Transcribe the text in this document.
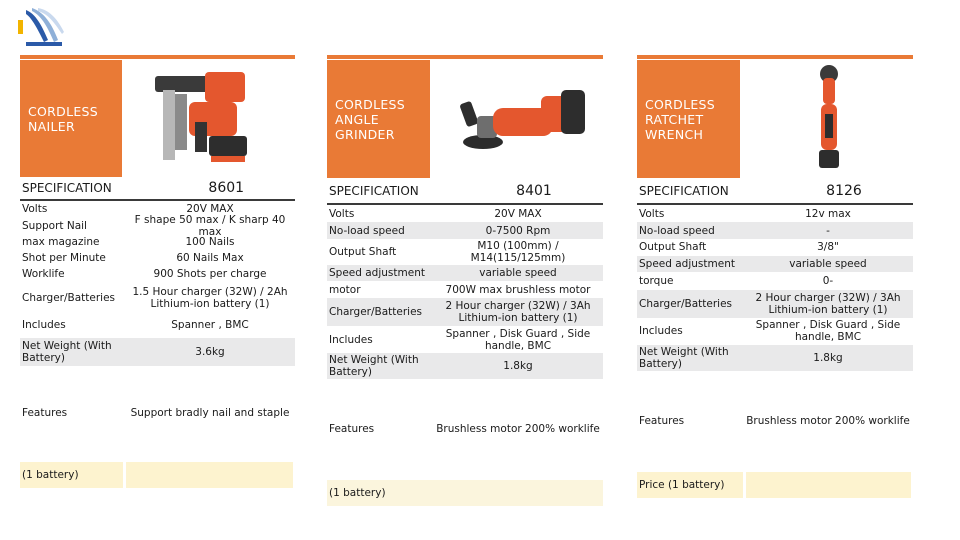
CORDLESS NAILER
SPECIFICATION	8601
Volts	20V MAX
Support Nail	F shape 50 max / K sharp 40 max
max magazine	100 Nails
Shot per Minute	60 Nails Max
Worklife	900 Shots per charge
Charger/Batteries	1.5 Hour charger (32W) / 2Ah Lithium-ion battery (1)
Includes	Spanner , BMC
Net Weight (With Battery)	3.6kg
Features	Support bradly nail and staple
(1 battery)
CORDLESS ANGLE GRINDER
SPECIFICATION	8401
Volts	20V MAX
No-load speed	0-7500 Rpm
Output Shaft	M10 (100mm) / M14(115/125mm)
Speed adjustment	variable speed
motor	700W max brushless motor
Charger/Batteries	2 Hour charger (32W) / 3Ah Lithium-ion battery (1)
Includes	Spanner , Disk Guard , Side handle, BMC
Net Weight (With Battery)	1.8kg
Features	Brushless motor 200% worklife
(1 battery)
CORDLESS RATCHET WRENCH
SPECIFICATION	8126
Volts	12v max
No-load speed	-
Output Shaft	3/8"
Speed adjustment	variable speed
torque	0-
Charger/Batteries	2 Hour charger (32W) / 3Ah Lithium-ion battery (1)
Includes	Spanner , Disk Guard , Side handle, BMC
Net Weight (With Battery)	1.8kg
Features	Brushless motor 200% worklife
Price (1 battery)
